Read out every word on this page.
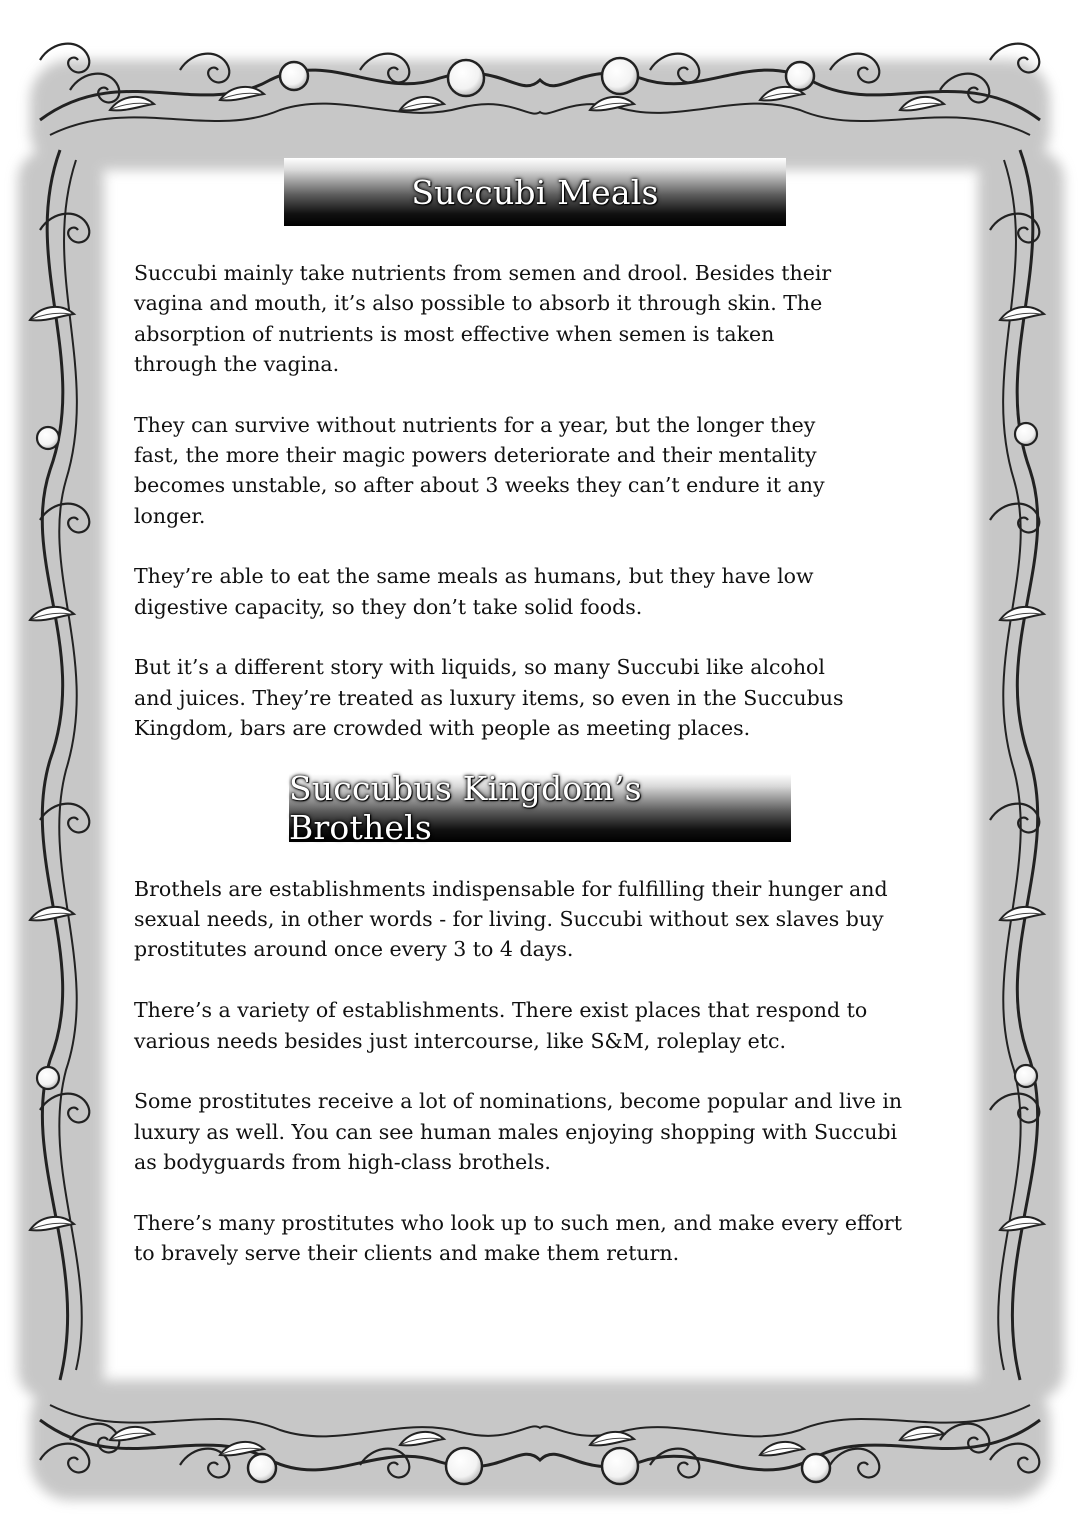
Succubi Meals

Succubi mainly take nutrients from semen and drool. Besides their
vagina and mouth, it’s also possible to absorb it through skin. The
absorption of nutrients is most effective when semen is taken
through the vagina.

They can survive without nutrients for a year, but the longer they
fast, the more their magic powers deteriorate and their mentality
becomes unstable, so after about 3 weeks they can’t endure it any
longer.

They’re able to eat the same meals as humans, but they have low
digestive capacity, so they don’t take solid foods.

But it’s a different story with liquids, so many Succubi like alcohol
and juices. They’re treated as luxury items, so even in the Succubus
Kingdom, bars are crowded with people as meeting places.

Succubus Kingdom’s Brothels

Brothels are establishments indispensable for fulfilling their hunger and
sexual needs, in other words - for living. Succubi without sex slaves buy
prostitutes around once every 3 to 4 days.

There’s a variety of establishments. There exist places that respond to
various needs besides just intercourse, like S&M, roleplay etc.

Some prostitutes receive a lot of nominations, become popular and live in
luxury as well. You can see human males enjoying shopping with Succubi
as bodyguards from high-class brothels.

There’s many prostitutes who look up to such men, and make every effort
to bravely serve their clients and make them return.
